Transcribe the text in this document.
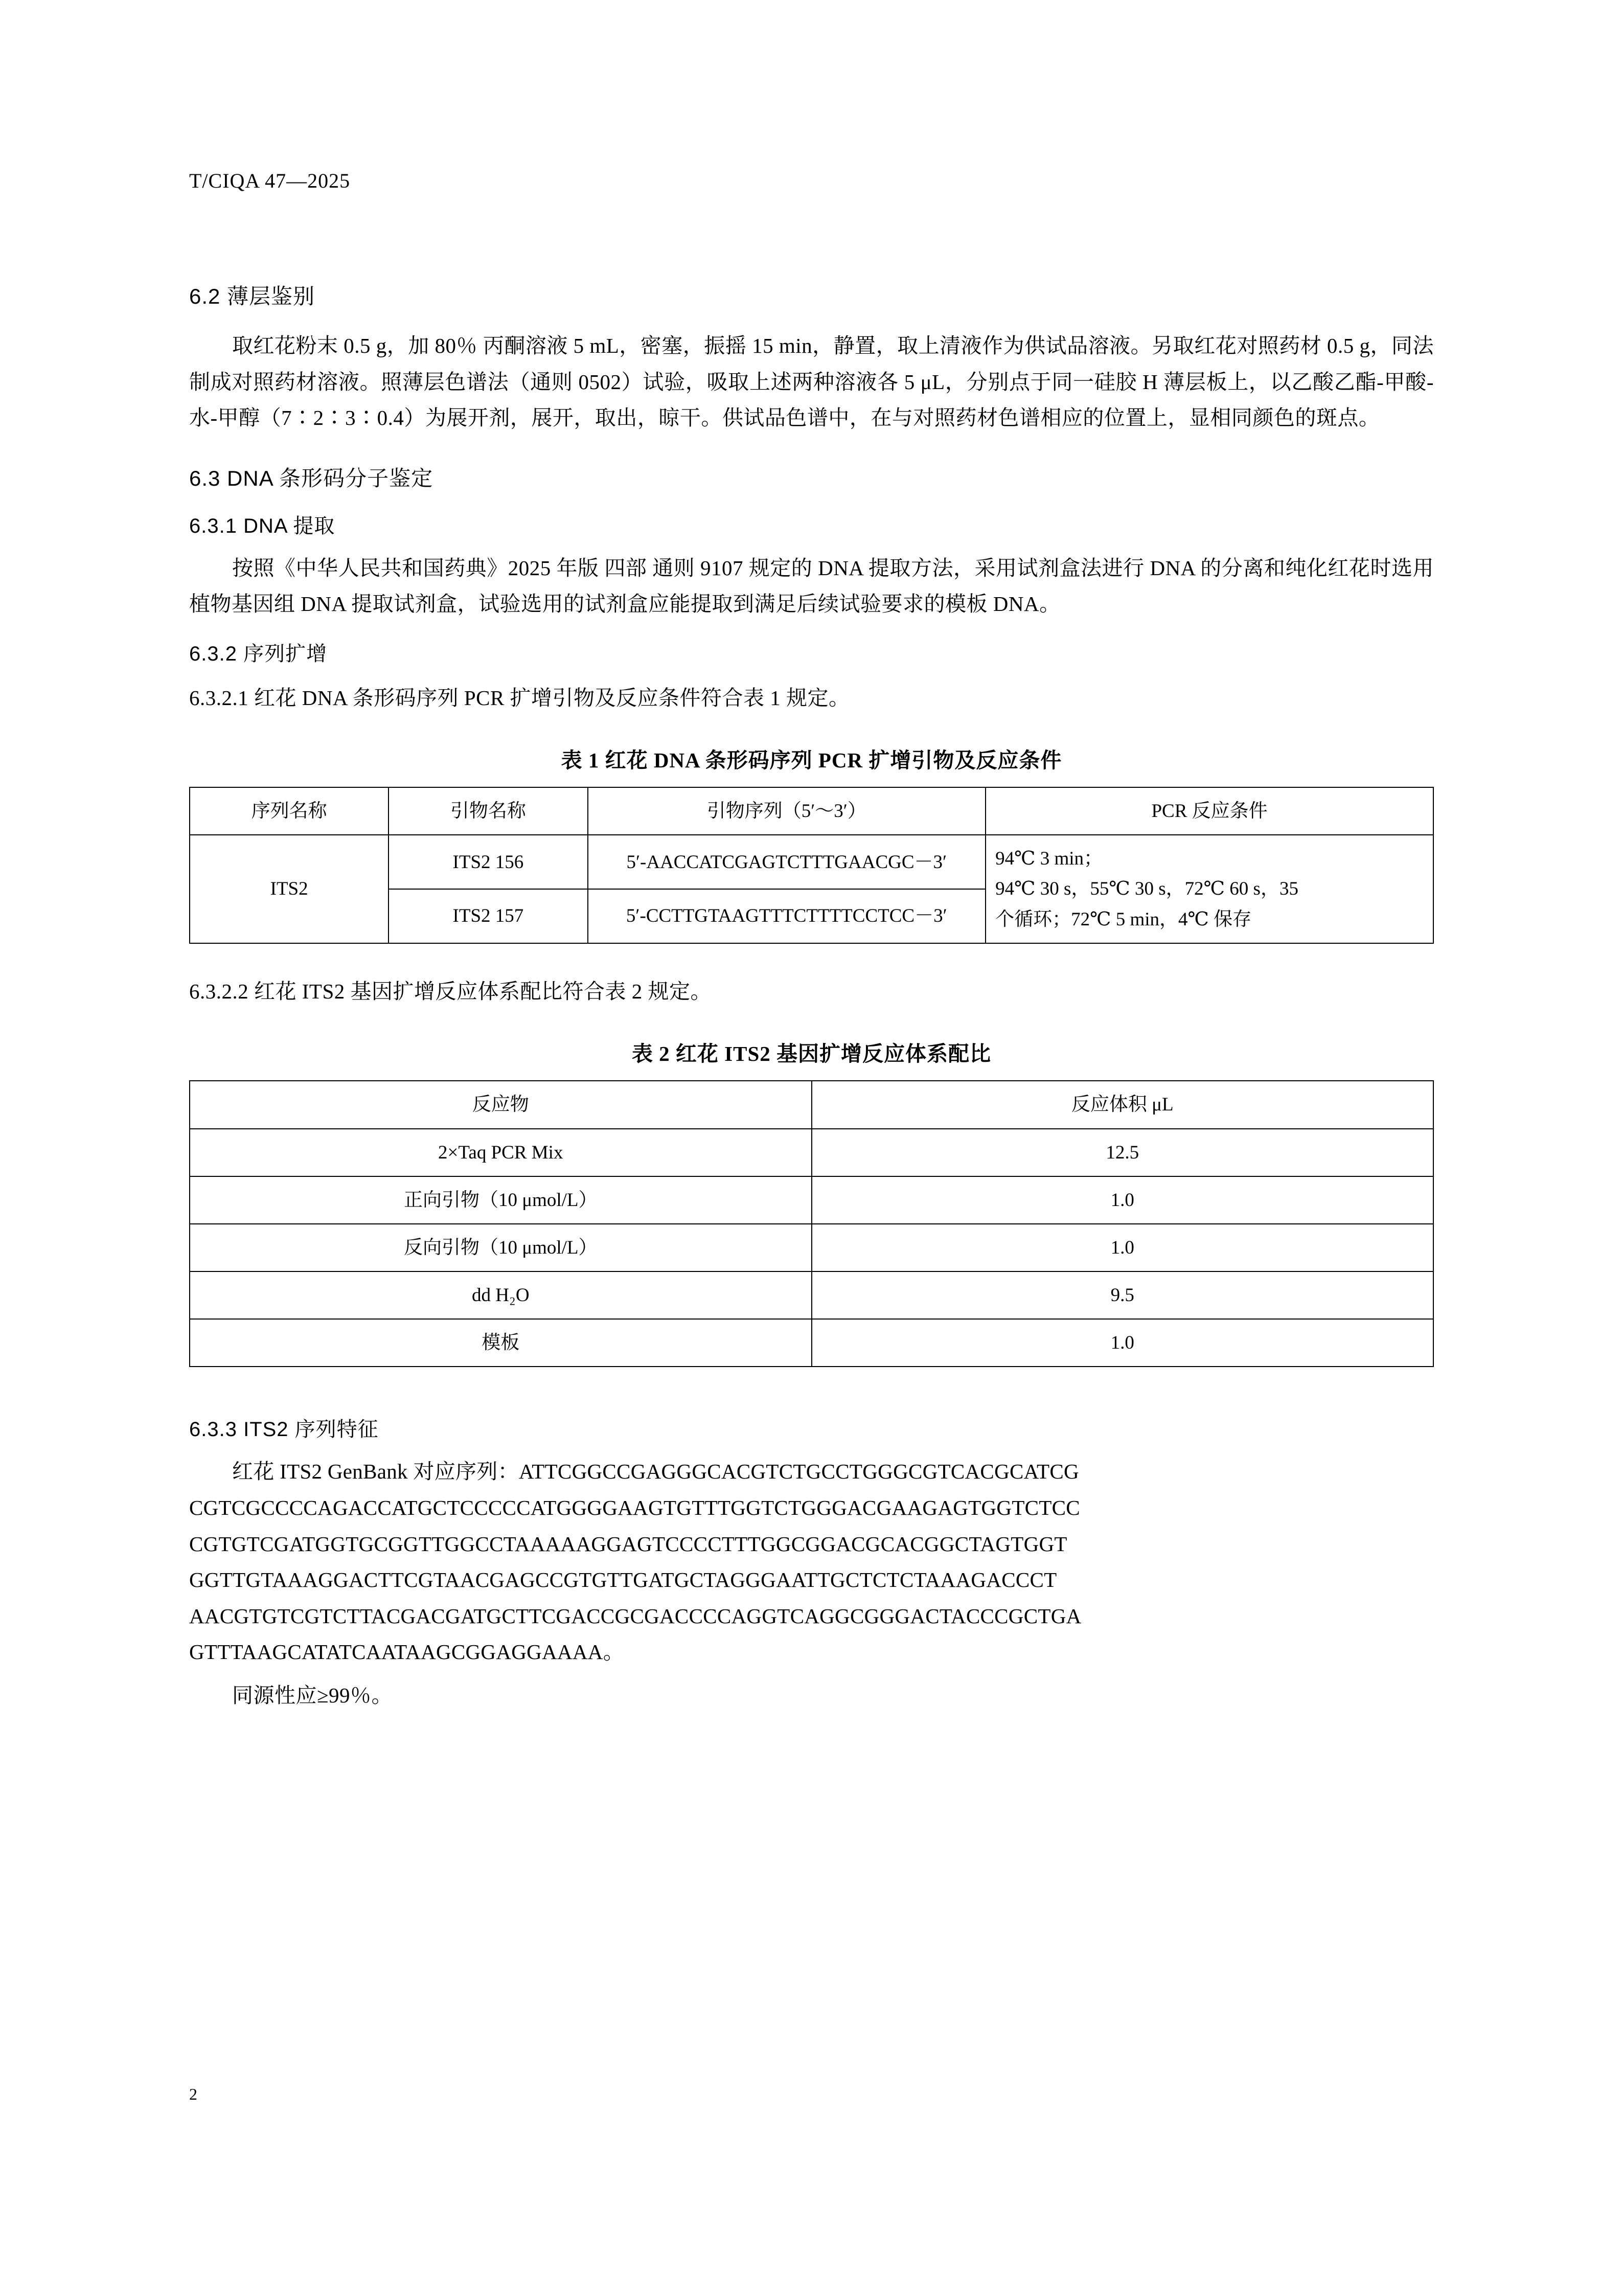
T/CIQA 47—2025
6.2 薄层鉴别

取红花粉末 0.5 g，加 80％ 丙酮溶液 5 mL，密塞，振摇 15 min，静置，取上清液作为供试品溶液。另取红花对照药材 0.5 g，同法制成对照药材溶液。照薄层色谱法（通则 0502）试验，吸取上述两种溶液各 5 μL，分别点于同一硅胶 H 薄层板上，以乙酸乙酯-甲酸-水-甲醇（7∶2∶3∶0.4）为展开剂，展开，取出，晾干。供试品色谱中，在与对照药材色谱相应的位置上，显相同颜色的斑点。

6.3 DNA 条形码分子鉴定
6.3.1 DNA 提取

按照《中华人民共和国药典》2025 年版 四部 通则 9107 规定的 DNA 提取方法，采用试剂盒法进行 DNA 的分离和纯化红花时选用植物基因组 DNA 提取试剂盒，试验选用的试剂盒应能提取到满足后续试验要求的模板 DNA。

6.3.2 序列扩增

6.3.2.1 红花 DNA 条形码序列 PCR 扩增引物及反应条件符合表 1 规定。

表 1 红花 DNA 条形码序列 PCR 扩增引物及反应条件
序列名称	引物名称	引物序列（5′～3′）	PCR 反应条件
ITS2	ITS2 156	5′-AACCATCGAGTCTTTGAACGC－3′	94℃ 3 min；
94℃ 30 s，55℃ 30 s，72℃ 60 s，35
个循环；72℃ 5 min，4℃ 保存

	ITS2 157	5′-CCTTGTAAGTTTCTTTTCCTCC－3′	

6.3.2.2 红花 ITS2 基因扩增反应体系配比符合表 2 规定。

表 2 红花 ITS2 基因扩增反应体系配比
反应物	反应体积 μL
2×Taq PCR Mix	12.5
正向引物（10 μmol/L）	1.0
反向引物（10 μmol/L）	1.0
dd H₂O	9.5
模板	1.0
6.3.3 ITS2 序列特征
红花 ITS2 GenBank 对应序列：ATTCGGCCGAGGGCACGTCTGCCTGGGCGTCACGCATCG
CGTCGCCCCAGACCATGCTCCCCCATGGGGAAGTGTTTGGTCTGGGACGAAGAGTGGTCTCC
CGTGTCGATGGTGCGGTTGGCCTAAAAAGGAGTCCCCTTTGGCGGACGCACGGCTAGTGGT
GGTTGTAAAGGACTTCGTAACGAGCCGTGTTGATGCTAGGGAATTGCTCTCTAAAGACCCT
AACGTGTCGTCTTACGACGATGCTTCGACCGCGACCCCAGGTCAGGCGGGACTACCCGCTGA
GTTTAAGCATATCAATAAGCGGAGGAAAA。

同源性应≥99％。

2
